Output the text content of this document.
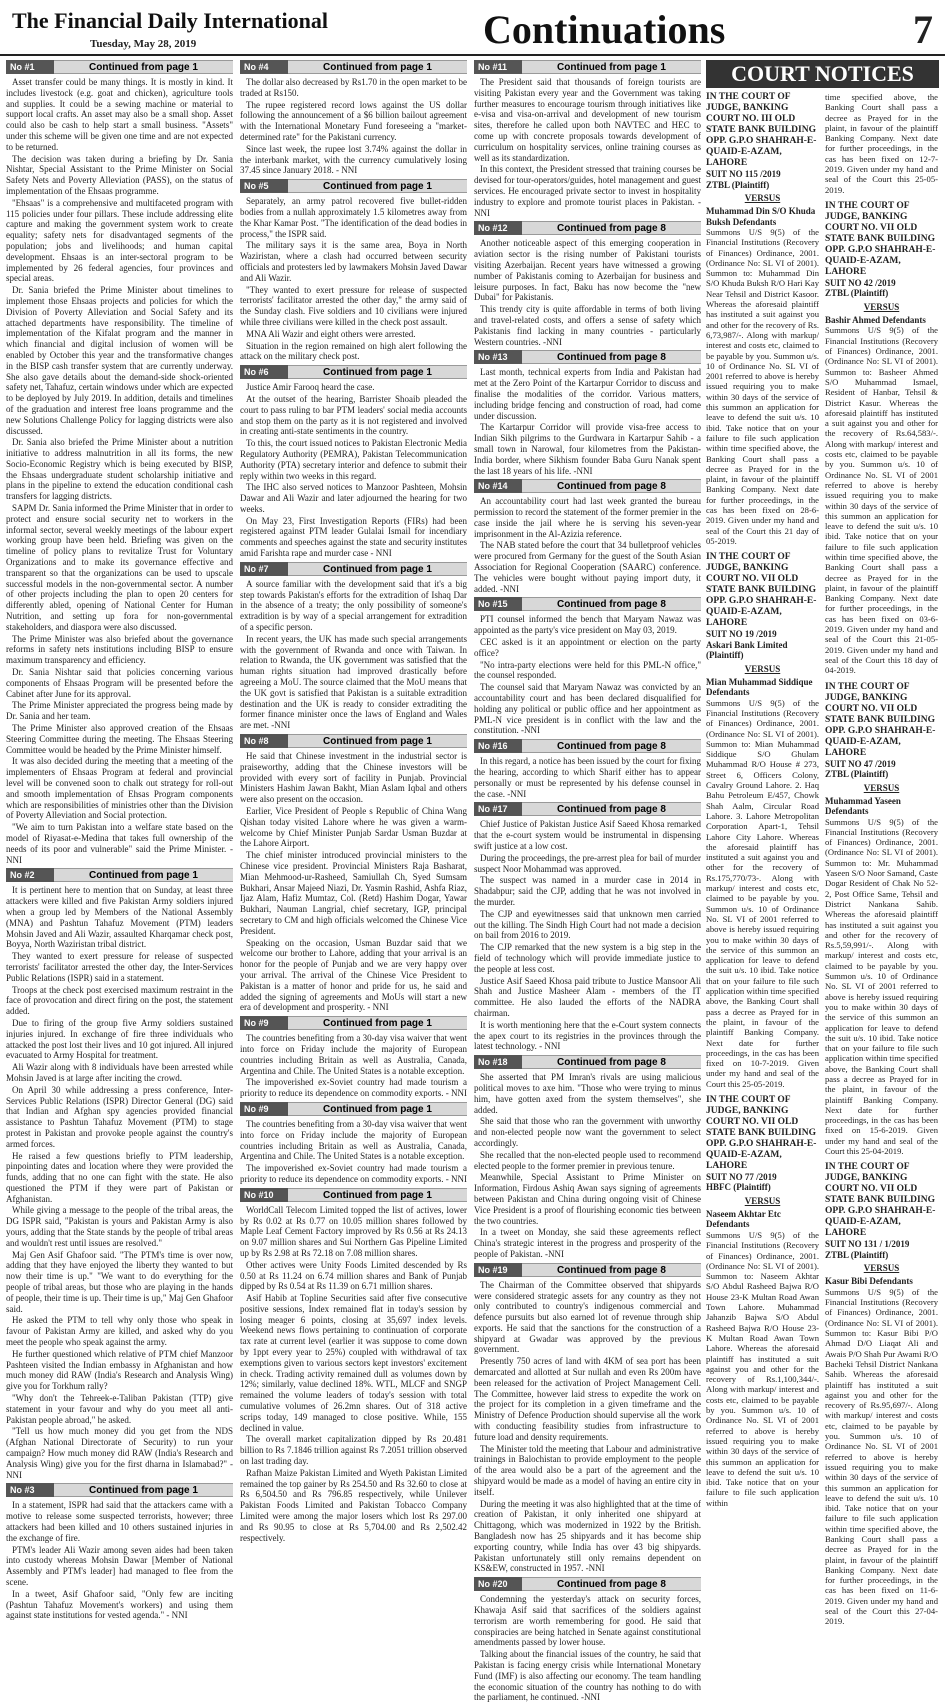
The Financial Daily International
Tuesday, May 28, 2019	Continuations	7
No #1	Continued from page 1

Asset transfer could be many things. It is mostly in kind. It includes livestock (e.g. goat and chicken), agriculture tools and supplies. It could be a sewing machine or material to support local crafts. An asset may also be a small shop. Asset could also be cash to help start a small business. "Assets" under this scheme will be given one time and are not expected to be returned.

The decision was taken during a briefing by Dr. Sania Nishtar, Special Assistant to the Prime Minister on Social Safety Nets and Poverty Alleviation (PASS), on the status of implementation of the Ehsaas programme.

"Ehsaas" is a comprehensive and multifaceted program with 115 policies under four pillars. These include addressing elite capture and making the government system work to create equality; safety nets for disadvantaged segments of the population; jobs and livelihoods; and human capital development. Ehsaas is an inter-sectoral program to be implemented by 26 federal agencies, four provinces and special areas.

Dr. Sania briefed the Prime Minister about timelines to implement those Ehsaas projects and policies for which the Division of Poverty Alleviation and Social Safety and its attached departments have responsibility. The timeline of implementation of the Kifalat program and the manner in which financial and digital inclusion of women will be enabled by October this year and the transformative changes in the BISP cash transfer system that are currently underway. She also gave details about the demand-side shock-oriented safety net, Tahafuz, certain windows under which are expected to be deployed by July 2019. In addition, details and timelines of the graduation and interest free loans programme and the new Solutions Challenge Policy for lagging districts were also discussed.

Dr. Sania also briefed the Prime Minister about a nutrition initiative to address malnutrition in all its forms, the new Socio-Economic Registry which is being executed by BISP, the Ehsaas undergraduate student scholarship initiative and plans in the pipeline to extend the education conditional cash transfers for lagging districts.

SAPM Dr. Sania informed the Prime Minister that in order to protect and ensure social security net to workers in the informal sector, several weekly meetings of the labour expert working group have been held. Briefing was given on the timeline of policy plans to revitalize Trust for Voluntary Organizations and to make its governance effective and transparent so that the organizations can be used to upscale successful models in the non-governmental sector. A number of other projects including the plan to open 20 centers for differently abled, opening of National Center for Human Nutrition, and setting up fora for non-governmental stakeholders, and diaspora were also discussed.

The Prime Minister was also briefed about the governance reforms in safety nets institutions including BISP to ensure maximum transparency and efficiency.

Dr. Sania Nishtar said that policies concerning various components of Ehsaas Program will be presented before the Cabinet after June for its approval.

The Prime Minister appreciated the progress being made by Dr. Sania and her team.

The Prime Minister also approved creation of the Ehsaas Steering Committee during the meeting. The Ehsaas Steering Committee would be headed by the Prime Minister himself.

It was also decided during the meeting that a meeting of the implementers of Ehsaas Program at federal and provincial level will be convened soon to chalk out strategy for roll-out and smooth implementation of Ehsas Program components which are responsibilities of ministries other than the Division of Poverty Alleviation and Social protection.

"We aim to turn Pakistan into a welfare state based on the model of Riyasat-e-Medina that takes full ownership of the needs of its poor and vulnerable" said the Prime Minister. - NNI

No #2	Continued from page 1

It is pertinent here to mention that on Sunday, at least three attackers were killed and five Pakistan Army soldiers injured when a group led by Members of the National Assembly (MNA) and Pashtun Tahafuz Movement (PTM) leaders Mohsin Javed and Ali Wazir, assaulted Kharqamar check post, Boyya, North Waziristan tribal district.

They wanted to exert pressure for release of suspected terrorists' facilitator arrested the other day, the Inter-Services Public Relations (ISPR) said in a statement.

Troops at the check post exercised maximum restraint in the face of provocation and direct firing on the post, the statement added.

Due to firing of the group five Army soldiers sustained injuries injured. In exchange of fire three individuals who attacked the post lost their lives and 10 got injured. All injured evacuated to Army Hospital for treatment.

Ali Wazir along with 8 individuals have been arrested while Mohsin Javed is at large after inciting the crowd.

On April 30 while addressing a press conference, Inter-Services Public Relations (ISPR) Director General (DG) said that Indian and Afghan spy agencies provided financial assistance to Pashtun Tahafuz Movement (PTM) to stage protest in Pakistan and provoke people against the country's armed forces.

He raised a few questions briefly to PTM leadership, pinpointing dates and location where they were provided the funds, adding that no one can fight with the state. He also questioned the PTM if they were part of Pakistan or Afghanistan.

While giving a message to the people of the tribal areas, the DG ISPR said, "Pakistan is yours and Pakistan Army is also yours, adding that the State stands by the people of tribal areas and wouldn't rest until issues are resolved."

Maj Gen Asif Ghafoor said. "The PTM's time is over now, adding that they have enjoyed the liberty they wanted to but now their time is up." "We want to do everything for the people of tribal areas, but those who are playing in the hands of people, their time is up. Their time is up," Maj Gen Ghafoor said.

He asked the PTM to tell why only those who speak in favour of Pakistan Army are killed, and asked why do you meet the people who speak against the army.

He further questioned which relative of PTM chief Manzoor Pashteen visited the Indian embassy in Afghanistan and how much money did RAW (India's Research and Analysis Wing) give you for Torkhum rally?

"Why don't the Tehreek-e-Taliban Pakistan (TTP) give statement in your favour and why do you meet all anti-Pakistan people abroad," he asked.

"Tell us how much money did you get from the NDS (Afghan National Directorate of Security) to run your campaign? How much money did RAW (India's Research and Analysis Wing) give you for the first dharna in Islamabad?" - NNI

No #3	Continued from page 1

In a statement, ISPR had said that the attackers came with a motive to release some suspected terrorists, however; three attackers had been killed and 10 others sustained injuries in the exchange of fire.

PTM's leader Ali Wazir among seven aides had been taken into custody whereas Mohsin Dawar [Member of National Assembly and PTM's leader] had managed to flee from the scene.

In a tweet, Asif Ghafoor said, "Only few are inciting (Pashtun Tahafuz Movement's workers) and using them against state institutions for vested agenda." - NNI

No #4	Continued from page 1

The dollar also decreased by Rs1.70 in the open market to be traded at Rs150.

The rupee registered record lows against the US dollar following the announcement of a $6 billion bailout agreement with the International Monetary Fund foreseeing a "market-determined rate" for the Pakistani currency.

Since last week, the rupee lost 3.74% against the dollar in the interbank market, with the currency cumulatively losing 37.45 since January 2018. - NNI

No #5	Continued from page 1

Separately, an army patrol recovered five bullet-ridden bodies from a nullah approximately 1.5 kilometres away from the Khar Kamar Post. "The identification of the dead bodies in process," the ISPR said.

The military says it is the same area, Boya in North Waziristan, where a clash had occurred between security officials and protesters led by lawmakers Mohsin Javed Dawar and Ali Wazir.

"They wanted to exert pressure for release of suspected terrorists' facilitator arrested the other day," the army said of the Sunday clash. Five soldiers and 10 civilians were injured while three civilians were killed in the check post assault.

MNA Ali Wazir and eight others were arrested.

Situation in the region remained on high alert following the attack on the military check post.

No #6	Continued from page 1

Justice Amir Farooq heard the case.

At the outset of the hearing, Barrister Shoaib pleaded the court to pass ruling to bar PTM leaders' social media accounts and stop them on the party as it is not registered and involved in creating anti-state sentiments in the country.

To this, the court issued notices to Pakistan Electronic Media Regulatory Authority (PEMRA), Pakistan Telecommunication Authority (PTA) secretary interior and defence to submit their reply within two weeks in this regard.

The IHC also served notices to Manzoor Pashteen, Mohsin Dawar and Ali Wazir and later adjourned the hearing for two weeks.

On May 23, First Investigation Reports (FIRs) had been registered against PTM leader Gulalai Ismail for incendiary comments and speeches against the state and security institutes amid Farishta rape and murder case - NNI

No #7	Continued from page 1

A source familiar with the development said that it's a big step towards Pakistan's efforts for the extradition of Ishaq Dar in the absence of a treaty; the only possibility of someone's extradition is by way of a special arrangement for extradition of a specific person.

In recent years, the UK has made such special arrangements with the government of Rwanda and once with Taiwan. In relation to Rwanda, the UK government was satisfied that the human rights situation had improved drastically before agreeing a MoU. The source claimed that the MoU means that the UK govt is satisfied that Pakistan is a suitable extradition destination and the UK is ready to consider extraditing the former finance minister once the laws of England and Wales are met. -NNI

No #8	Continued from page 1

He said that Chinese investment in the industrial sector is praiseworthy, adding that the Chinese investors will be provided with every sort of facility in Punjab. Provincial Ministers Hashim Jawan Bakht, Mian Aslam Iqbal and others were also present on the occasion.

Earlier, Vice President of People s Republic of China Wang Qishan today visited Lahore where he was given a warm-welcome by Chief Minister Punjab Sardar Usman Buzdar at the Lahore Airport.

The chief minister introduced provincial ministers to the Chinese vice president. Provincial Ministers Raja Basharat, Mian Mehmood-ur-Rasheed, Samiullah Ch, Syed Sumsam Bukhari, Ansar Majeed Niazi, Dr. Yasmin Rashid, Ashfa Riaz, Ijaz Alam, Hafiz Mumtaz, Col. (Retd) Hashim Dogar, Yawar Bukhari, Nauman Langrial, chief secretary, IGP, principal secretary to CM and high officials welcomed the Chinese Vice President.

Speaking on the occasion, Usman Buzdar said that we welcome our brother to Lahore, adding that your arrival is an honor for the people of Punjab and we are very happy over your arrival. The arrival of the Chinese Vice President to Pakistan is a matter of honor and pride for us, he said and added the signing of agreements and MoUs will start a new era of development and prosperity. - NNI

No #9	Continued from page 1

The countries benefiting from a 30-day visa waiver that went into force on Friday include the majority of European countries including Britain as well as Australia, Canada, Argentina and Chile. The United States is a notable exception.

The impoverished ex-Soviet country had made tourism a priority to reduce its dependence on commodity exports. - NNI

No #9	Continued from page 1

The countries benefiting from a 30-day visa waiver that went into force on Friday include the majority of European countries including Britain as well as Australia, Canada, Argentina and Chile. The United States is a notable exception.

The impoverished ex-Soviet country had made tourism a priority to reduce its dependence on commodity exports. - NNI

No #10	Continued from page 1

WorldCall Telecom Limited topped the list of actives, lower by Rs 0.02 at Rs 0.77 on 10.05 million shares followed by Maple Leaf Cement Factory improved by Rs 0.56 at Rs 24.13 on 9.07 million shares and Sui Northern Gas Pipeline Limited up by Rs 2.98 at Rs 72.18 on 7.08 million shares.

Other actives were Unity Foods Limited descended by Rs 0.50 at Rs 11.24 on 6.74 million shares and Bank of Punjab dipped by Rs 0.54 at Rs 11.39 on 6.71 million shares.

Asif Habib at Topline Securities said after five consecutive positive sessions, Index remained flat in today's session by losing meager 6 points, closing at 35,697 index levels. Weekend news flows pertaining to continuation of corporate tax rate at current level (earlier it was suppose to come down by 1ppt every year to 25%) coupled with withdrawal of tax exemptions given to various sectors kept investors' excitement in check. Trading activity remained dull as volumes down by 12%; similarly, value declined 18%. WTL, MLCF and SNGP remained the volume leaders of today's session with total cumulative volumes of 26.2mn shares. Out of 318 active scrips today, 149 managed to close positive. While, 155 declined in value.

The overall market capitalization dipped by Rs 20.481 billion to Rs 7.1846 trillion against Rs 7.2051 trillion observed on last trading day.

Rafhan Maize Pakistan Limited and Wyeth Pakistan Limited remained the top gainer by Rs 254.50 and Rs 32.60 to close at Rs 6,504.50 and Rs 796.85 respectively, while Unilever Pakistan Foods Limited and Pakistan Tobacco Company Limited were among the major losers which lost Rs 297.00 and Rs 90.95 to close at Rs 5,704.00 and Rs 2,502.42 respectively.

No #11	Continued from page 1

The President said that thousands of foreign tourists are visiting Pakistan every year and the Government was taking further measures to encourage tourism through initiatives like e-visa and visa-on-arrival and development of new tourism sites, therefore he called upon both NAVTEC and HEC to come up with concrete proposals towards development of curriculum on hospitality services, online training courses as well as its standardization.

In this context, the President stressed that training courses be devised for tour-operators/guides, hotel management and guest services. He encouraged private sector to invest in hospitality industry to explore and promote tourist places in Pakistan. - NNI

No #12	Continued from page 8

Another noticeable aspect of this emerging cooperation in aviation sector is the rising number of Pakistani tourists visiting Azerbaijan. Recent years have witnessed a growing number of Pakistanis coming to Azerbaijan for business and leisure purposes. In fact, Baku has now become the "new Dubai" for Pakistanis.

This trendy city is quite affordable in terms of both living and travel-related costs, and offers a sense of safety which Pakistanis find lacking in many countries - particularly Western countries. -NNI

No #13	Continued from page 8

Last month, technical experts from India and Pakistan had met at the Zero Point of the Kartarpur Corridor to discuss and finalise the modalities of the corridor. Various matters, including bridge fencing and construction of road, had come under discussion.

The Kartarpur Corridor will provide visa-free access to Indian Sikh pilgrims to the Gurdwara in Kartarpur Sahib - a small town in Narowal, four kilometres from the Pakistan-India border, where Sikhism founder Baba Guru Nanak spent the last 18 years of his life. -NNI

No #14	Continued from page 8

An accountability court had last week granted the bureau permission to record the statement of the former premier in the case inside the jail where he is serving his seven-year imprisonment in the Al-Azizia reference.

The NAB stated before the court that 34 bulletproof vehicles were procured from Germany for the guest of the South Asian Association for Regional Cooperation (SAARC) conference. The vehicles were bought without paying import duty, it added. -NNI

No #15	Continued from page 8

PTI counsel informed the bench that Maryam Nawaz was appointed as the party's vice president on May 03, 2019.

CEC asked is it an appointment or election on the party office?

"No intra-party elections were held for this PML-N office," the counsel responded.

The counsel said that Maryam Nawaz was convicted by an accountability court and has been declared disqualified for holding any political or public office and her appointment as PML-N vice president is in conflict with the law and the constitution. -NNI

No #16	Continued from page 8

In this regard, a notice has been issued by the court for fixing the hearing, according to which Sharif either has to appear personally or must be represented by his defense counsel in the case. -NNI

No #17	Continued from page 8

Chief Justice of Pakistan Justice Asif Saeed Khosa remarked that the e-court system would be instrumental in dispensing swift justice at a low cost.

During the proceedings, the pre-arrest plea for bail of murder suspect Noor Mohammad was approved.

The suspect was named in a murder case in 2014 in Shadabpur; said the CJP, adding that he was not involved in the murder.

The CJP and eyewitnesses said that unknown men carried out the killing. The Sindh High Court had not made a decision on bail from 2016 to 2019.

The CJP remarked that the new system is a big step in the field of technology which will provide immediate justice to the people at less cost.

Justice Asif Saeed Khosa paid tribute to Justice Mansoor Ali Shah and Justice Masheer Alam - members of the IT committee. He also lauded the efforts of the NADRA chairman.

It is worth mentioning here that the e-Court system connects the apex court to its registries in the provinces through the latest technology. - NNI

No #18	Continued from page 8

She asserted that PM Imran's rivals are using malicious political moves to axe him. "Those who were trying to minus him, have gotten axed from the system themselves", she added.

She said that those who ran the government with unworthy and non-elected people now want the government to select accordingly.

She recalled that the non-elected people used to recommend elected people to the former premier in previous tenure.

Meanwhile, Special Assistant to Prime Minister on Information, Firdous Ashiq Awan says signing of agreements between Pakistan and China during ongoing visit of Chinese Vice President is a proof of flourishing economic ties between the two countries.

In a tweet on Monday, she said these agreements reflect China's strategic interest in the progress and prosperity of the people of Pakistan. -NNI

No #19	Continued from page 8

The Chairman of the Committee observed that shipyards were considered strategic assets for any country as they not only contributed to country's indigenous commercial and defence pursuits but also earned lot of revenue through ship exports. He said that the sanctions for the construction of a shipyard at Gwadar was approved by the previous government.

Presently 750 acres of land with 4KM of sea port has been demarcated and allotted at Sur nullah and even Rs 200m have been released for the activation of Project Management Cell. The Committee, however laid stress to expedite the work on the project for its completion in a given timeframe and the Ministry of Defence Production should supervise all the work with conducting feasibility studies from infrastructure to future load and density requirements.

The Minister told the meeting that Labour and administrative trainings in Balochistan to provide employment to the people of the area would also be a part of the agreement and the shipyard would be made as a model of having an entire city in itself.

During the meeting it was also highlighted that at the time of creation of Pakistan, it only inherited one shipyard at Chittagong, which was modernized in 1922 by the British. Bangladesh now has 25 shipyards and it has become ship exporting country, while India has over 43 big shipyards. Pakistan unfortunately still only remains dependent on KS&EW, constructed in 1957. -NNI

No #20	Continued from page 8

Condemning the yesterday's attack on security forces, Khawaja Asif said that sacrifices of the soldiers against terrorism are worth remembering for good. He said that conspiracies are being hatched in Senate against constitutional amendments passed by lower house.

Talking about the financial issues of the country, he said that Pakistan is facing energy crisis while International Monetary Fund (IMF) is also affecting our economy. The team handling the economic situation of the country has nothing to do with the parliament, he continued. -NNI

COURT NOTICES
IN THE COURT OF JUDGE, BANKING COURT NO. III OLD STATE BANK BUILDING OPP. G.P.O SHAHRAH-E-QUAID-E-AZAM, LAHORE
SUIT NO 115 /2019
ZTBL (Plaintiff)
VERSUS
Muhammad Din S/O Khuda Buksh Defendants
Summons U/S 9(5) of the Financial Institutions (Recovery of Finances) Ordinance, 2001. (Ordinance No: SL VI of 2001). Summon to: Muhammad Din S/O Khuda Buksh R/O Hari Kay Near Tehsil and District Kasoor. Whereas the aforesaid plaintiff has instituted a suit against you and other for the recovery of Rs. 6,73,987/-. Along with markup/ interest and costs etc, claimed to be payable by you. Summon u/s. 10 of Ordinance No. SL VI of 2001 referred to above is hereby issued requiring you to make within 30 days of the service of this summon an application for leave to defend the suit u/s. 10 ibid. Take notice that on your failure to file such application within time specified above, the Banking Court shall pass a decree as Prayed for in the plaint, in favour of the plaintiff Banking Company. Next date for further proceedings, in the cas has been fixed on 28-6-2019. Given under my hand and seal of the Court this 21 day of 05-2019.
IN THE COURT OF JUDGE, BANKING COURT NO. VII OLD STATE BANK BUILDING OPP. G.P.O SHAHRAH-E-QUAID-E-AZAM, LAHORE
SUIT NO 19 /2019
Askari Bank Limited (Plaintiff)
VERSUS
Mian Muhammad Siddique Defendants
Summons U/S 9(5) of the Financial Institutions (Recovery of Finances) Ordinance, 2001. (Ordinance No: SL VI of 2001). Summon to: Mian Muhammad Siddique S/O Ghulam Muhammad R/O House # 273, Street 6, Officers Colony, Cavalry Ground Lahore. 2. Haq Bahu Petroleum E/457, Chowk Shah Aalm, Circular Road Lahore. 3. Lahore Metropolitan Corporation Apart-1, Tehsil Lahore City Lahore. Whereas the aforesaid plaintiff has instituted a suit against you and other for the recovery of Rs.175,770/73-. Along with markup/ interest and costs etc, claimed to be payable by you. Summon u/s. 10 of Ordinance No. SL VI of 2001 referred to above is hereby issued requiring you to make within 30 days of the service of this summon an application for leave to defend the suit u/s. 10 ibid. Take notice that on your failure to file such application within time specified above, the Banking Court shall pass a decree as Prayed for in the plaint, in favour of the plaintiff Banking Company. Next date for further proceedings, in the cas has been fixed on 10-7-2019. Given under my hand and seal of the Court this 25-05-2019.
IN THE COURT OF JUDGE, BANKING COURT NO. VII OLD STATE BANK BUILDING OPP. G.P.O SHAHRAH-E-QUAID-E-AZAM, LAHORE
SUIT NO 77 /2019
HBFC (Plaintiff)
VERSUS
Naseem Akhtar Etc Defendants
Summons U/S 9(5) of the Financial Institutions (Recovery of Finances) Ordinance, 2001. (Ordinance No: SL VI of 2001). Summon to: Naseem Akhtar S/O Abdul Rasheed Bajwa R/O House 23-K Multan Road Awan Town Lahore. Muhammad Jahanzib Bajwa S/O Abdul Rasheed Bajwa R/O House 23-K Multan Road Awan Town Lahore. Whereas the aforesaid plaintiff has instituted a suit against you and other for the recovery of Rs.1,100,344/-. Along with markup/ interest and costs etc, claimed to be payable by you. Summon u/s. 10 of Ordinance No. SL VI of 2001 referred to above is hereby issued requiring you to make within 30 days of the service of this summon an application for leave to defend the suit u/s. 10 ibid. Take notice that on your failure to file such application within
time specified above, the Banking Court shall pass a decree as Prayed for in the plaint, in favour of the plaintiff Banking Company. Next date for further proceedings, in the cas has been fixed on 12-7-2019. Given under my hand and seal of the Court this 25-05-2019.
IN THE COURT OF JUDGE, BANKING COURT NO. VII OLD STATE BANK BUILDING OPP. G.P.O SHAHRAH-E-QUAID-E-AZAM, LAHORE
SUIT NO 42 /2019
ZTBL (Plaintiff)
VERSUS
Bashir Ahmed Defendants
Summons U/S 9(5) of the Financial Institutions (Recovery of Finances) Ordinance, 2001. (Ordinance No: SL VI of 2001). Summon to: Basheer Ahmed S/O Muhammad Ismael, Resident of Hanbar, Tehsil & District Kasur. Whereas the aforesaid plaintiff has instituted a suit against you and other for the recovery of Rs.64,583/-. Along with markup/ interest and costs etc, claimed to be payable by you. Summon u/s. 10 of Ordinance No. SL VI of 2001 referred to above is hereby issued requiring you to make within 30 days of the service of this summon an application for leave to defend the suit u/s. 10 ibid. Take notice that on your failure to file such application within time specified above, the Banking Court shall pass a decree as Prayed for in the plaint, in favour of the plaintiff Banking Company. Next date for further proceedings, in the cas has been fixed on 03-6-2019. Given under my hand and seal of the Court this 21-05-2019. Given under my hand and seal of the Court this 18 day of 04-2019.
IN THE COURT OF JUDGE, BANKING COURT NO. VII OLD STATE BANK BUILDING OPP. G.P.O SHAHRAH-E-QUAID-E-AZAM, LAHORE
SUIT NO 47 /2019
ZTBL (Plaintiff)
VERSUS
Muhammad Yaseen Defendants
Summons U/S 9(5) of the Financial Institutions (Recovery of Finances) Ordinance, 2001. (Ordinance No: SL VI of 2001). Summon to: Mr. Muhammad Yaseen S/O Noor Samand, Caste Dogar Resident of Chak No 52-2, Post Office Same, Tehsil and District Nankana Sahib. Whereas the aforesaid plaintiff has instituted a suit against you and other for the recovery of Rs.5,59,991/-. Along with markup/ interest and costs etc, claimed to be payable by you. Summon u/s. 10 of Ordinance No. SL VI of 2001 referred to above is hereby issued requiring you to make within 30 days of the service of this summon an application for leave to defend the suit u/s. 10 ibid. Take notice that on your failure to file such application within time specified above, the Banking Court shall pass a decree as Prayed for in the plaint, in favour of the plaintiff Banking Company. Next date for further proceedings, in the cas has been fixed on 15-6-2019. Given under my hand and seal of the Court this 25-04-2019.
IN THE COURT OF JUDGE, BANKING COURT NO. VII OLD STATE BANK BUILDING OPP. G.P.O SHAHRAH-E-QUAID-E-AZAM, LAHORE
SUIT NO 131 / 1/2019
ZTBL (Plaintiff)
VERSUS
Kasur Bibi Defendants
Summons U/S 9(5) of the Financial Institutions (Recovery of Finances) Ordinance, 2001. (Ordinance No: SL VI of 2001). Summon to: Kasur Bibi P/O Ahmad D/O Liaqat Ali and Awais P/O Shah Pur Awami R/O Bacheki Tehsil District Nankana Sahib. Whereas the aforesaid plaintiff has instituted a suit against you and other for the recovery of Rs.95,697/-. Along with markup/ interest and costs etc, claimed to be payable by you. Summon u/s. 10 of Ordinance No. SL VI of 2001 referred to above is hereby issued requiring you to make within 30 days of the service of this summon an application for leave to defend the suit u/s. 10 ibid. Take notice that on your failure to file such application within time specified above, the Banking Court shall pass a decree as Prayed for in the plaint, in favour of the plaintiff Banking Company. Next date for further proceedings, in the cas has been fixed on 11-6-2019. Given under my hand and seal of the Court this 27-04-2019.
